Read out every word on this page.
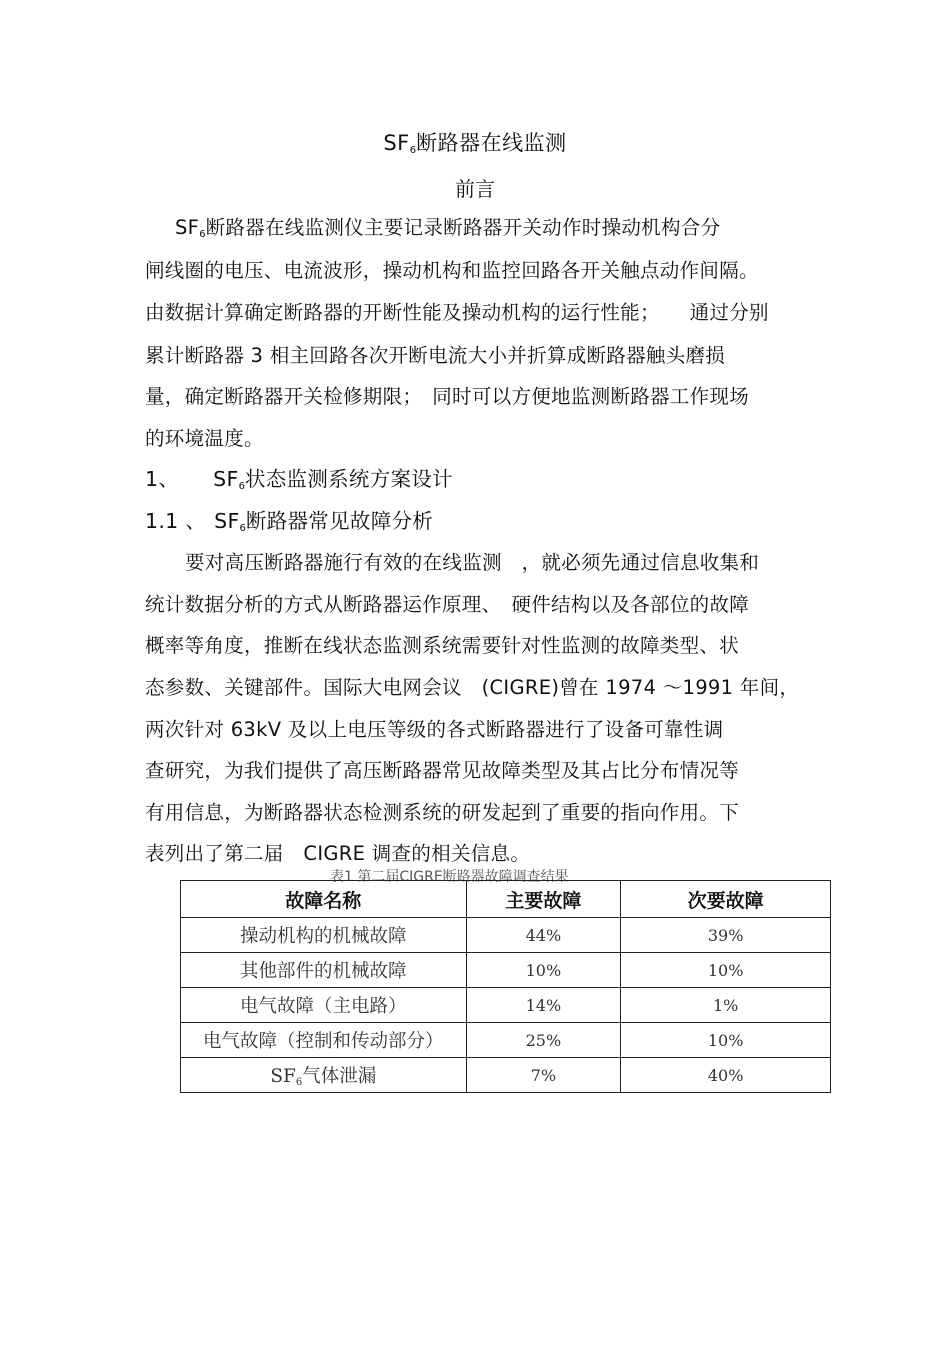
$SF_6$断路器在线监测
前言
$SF_6$断路器在线监测仪主要记录断路器开关动作时操动机构合分
闸线圈的电压、电流波形，操动机构和监控回路各开关触点动作间隔。
由数据计算确定断路器的开断性能及操动机构的运行性能；　　通过分别
累计断路器 3 相主回路各次开断电流大小并折算成断路器触头磨损
量，确定断路器开关检修期限；　同时可以方便地监测断路器工作现场
的环境温度。
1、 $SF_6$状态监测系统方案设计
1.1 、 $SF_6$断路器常见故障分析
要对高压断路器施行有效的在线监测　，就必须先通过信息收集和
统计数据分析的方式从断路器运作原理、　硬件结构以及各部位的故障
概率等角度，推断在线状态监测系统需要针对性监测的故障类型、状
态参数、关键部件。国际大电网会议　(CIGRE)曾在 1974 ～1991 年间，
两次针对 63kV 及以上电压等级的各式断路器进行了设备可靠性调
查研究，为我们提供了高压断路器常见故障类型及其占比分布情况等
有用信息，为断路器状态检测系统的研发起到了重要的指向作用。下
表列出了第二届　CIGRE 调查的相关信息。
表1 第二届CIGRE断路器故障调查结果
故障名称	主要故障	次要故障
操动机构的机械故障	44%	39%
其他部件的机械故障	10%	10%
电气故障（主电路）	14%	1%
电气故障（控制和传动部分）	25%	10%
$SF_6$气体泄漏	7%	40%
